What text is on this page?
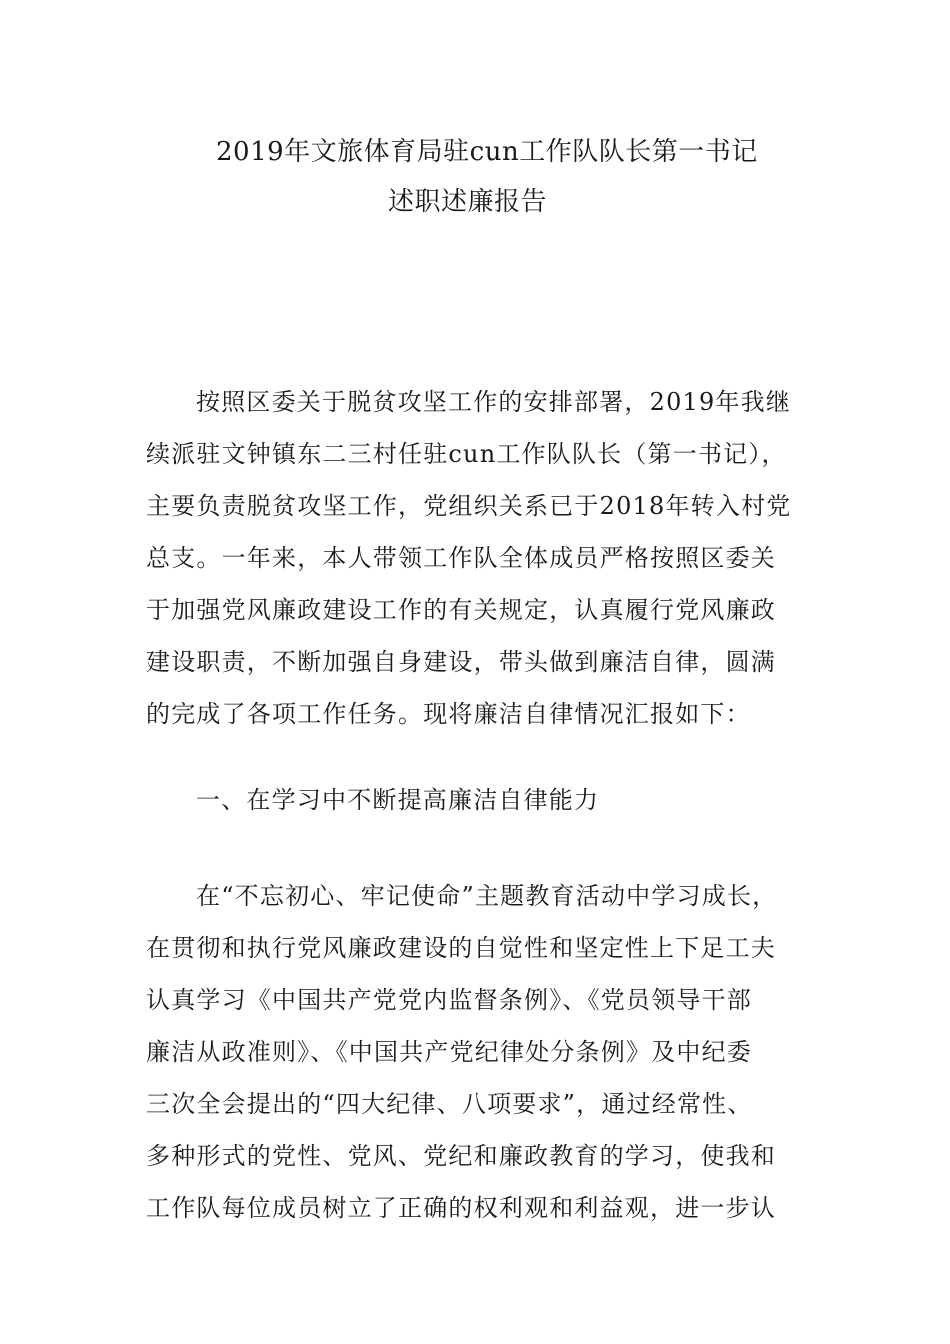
2019年文旅体育局驻cun工作队队长第一书记
述职述廉报告
按照区委关于脱贫攻坚工作的安排部署，2019年我继
续派驻文钟镇东二三村任驻cun工作队队长（第一书记），
主要负责脱贫攻坚工作，党组织关系已于2018年转入村党
总支。一年来，本人带领工作队全体成员严格按照区委关
于加强党风廉政建设工作的有关规定，认真履行党风廉政
建设职责，不断加强自身建设，带头做到廉洁自律，圆满
的完成了各项工作任务。现将廉洁自律情况汇报如下：
一、在学习中不断提高廉洁自律能力
在“不忘初心、牢记使命”主题教育活动中学习成长，
在贯彻和执行党风廉政建设的自觉性和坚定性上下足工夫
认真学习《中国共产党党内监督条例》、《党员领导干部
廉洁从政准则》、《中国共产党纪律处分条例》及中纪委
三次全会提出的“四大纪律、八项要求”，通过经常性、
多种形式的党性、党风、党纪和廉政教育的学习，使我和
工作队每位成员树立了正确的权利观和利益观，进一步认
